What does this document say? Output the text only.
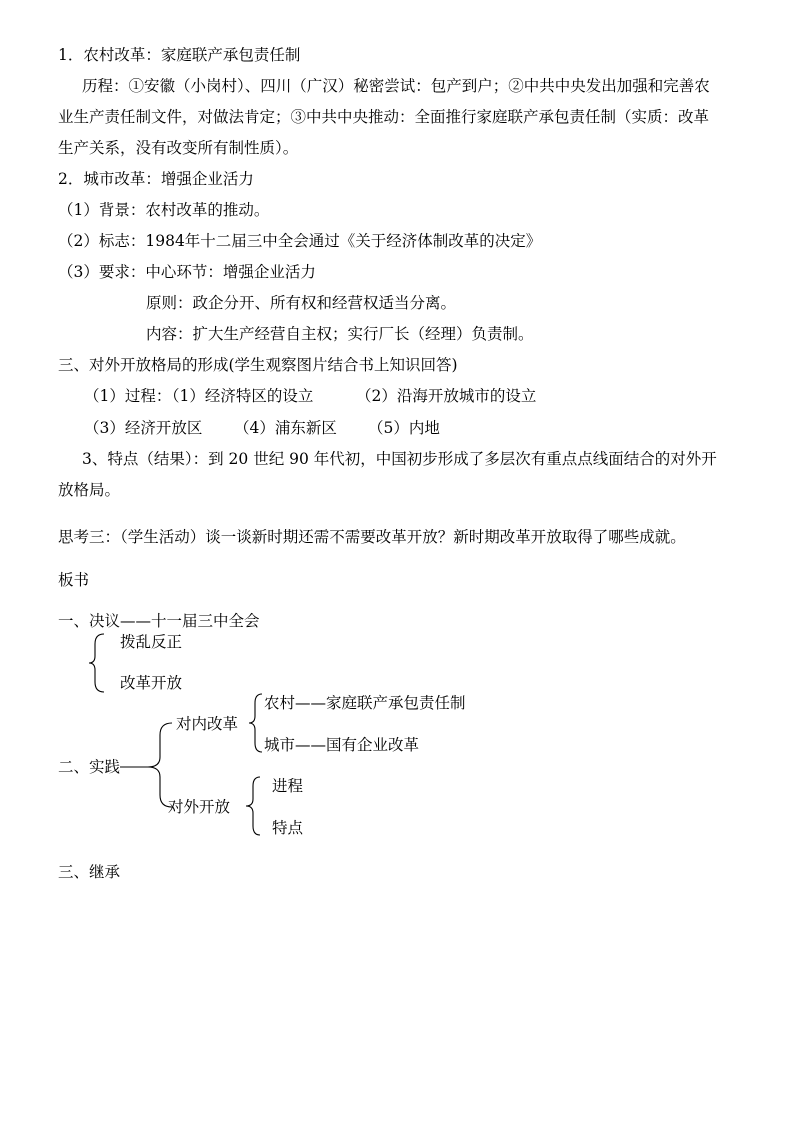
1．农村改革：家庭联产承包责任制
历程：①安徽（小岗村）、四川（广汉）秘密尝试：包产到户；②中共中央发出加强和完善农
业生产责任制文件，对做法肯定；③中共中央推动：全面推行家庭联产承包责任制（实质：改革
生产关系，没有改变所有制性质）。
2．城市改革：增强企业活力
（1）背景：农村改革的推动。
（2）标志：1984年十二届三中全会通过《关于经济体制改革的决定》
（3）要求：中心环节：增强企业活力
原则：政企分开、所有权和经营权适当分离。
内容：扩大生产经营自主权；实行厂长（经理）负责制。
三、对外开放格局的形成(学生观察图片结合书上知识回答)
（1）过程：
（1）经济特区的设立	（2）沿海开放城市的设立
（3）经济开放区 （4）浦东新区 （5）内地
3、特点（结果）：到 20 世纪 90 年代初，中国初步形成了多层次有重点点线面结合的对外开
放格局。
思考三：（学生活动）谈一谈新时期还需不需要改革开放？新时期改革开放取得了哪些成就。
板书
一、决议——十一届三中全会
拨乱反正
改革开放
对内改革
农村——家庭联产承包责任制
城市——国有企业改革
二、实践
对外开放
进程
特点
三、继承
